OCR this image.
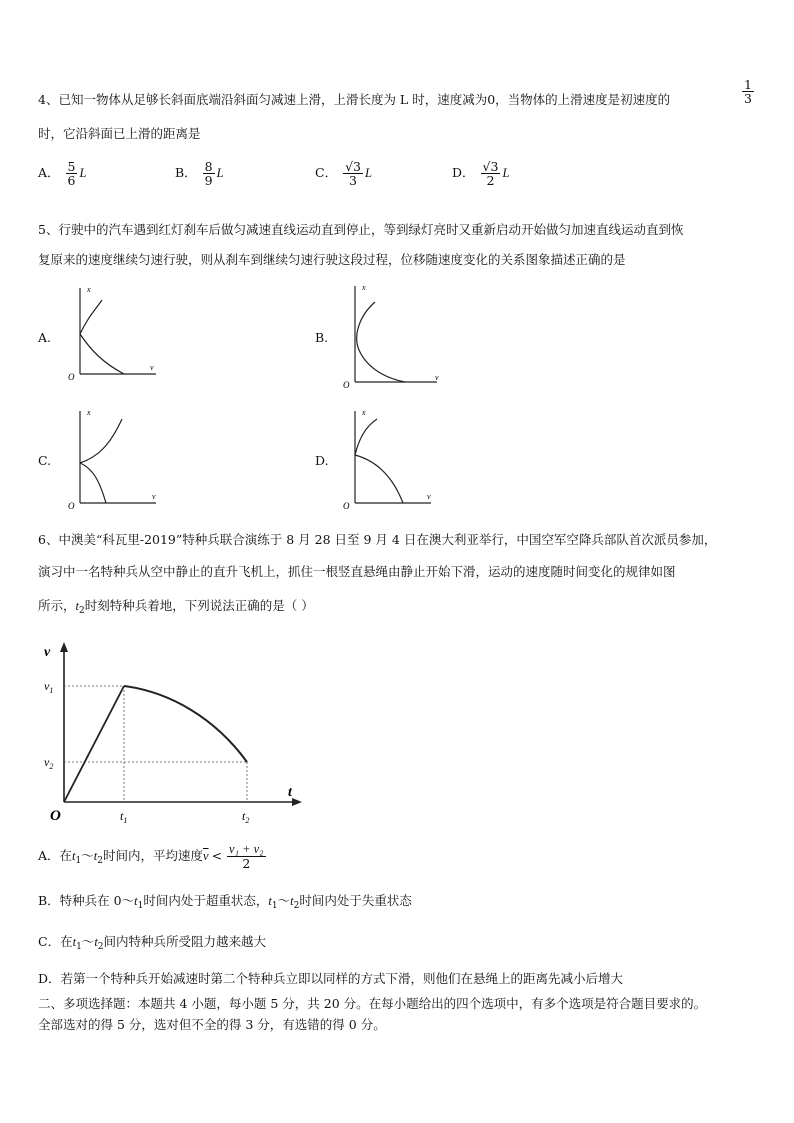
4、已知一物体从足够长斜面底端沿斜面匀减速上滑，上滑长度为 L 时，速度减为0，当物体的上滑速度是初速度的	$\frac{1}{3}$
时，它沿斜面已上滑的距离是
A． $\frac{5}{6}$ L	B． $\frac{8}{9}$ L	C． $\frac{√3}{3}$ L	D． $\frac{√3}{2}$ L
5、行驶中的汽车遇到红灯刹车后做匀减速直线运动直到停止，等到绿灯亮时又重新启动开始做匀加速直线运动直到恢
复原来的速度继续匀速行驶，则从刹车到继续匀速行驶这段过程，位移随速度变化的关系图象描述正确的是
A.
x
O
v
B.
x
O
v
C.
x
O
v
D.
x
O
v
6、中澳美“科瓦里-2019”特种兵联合演练于 8 月 28 日至 9 月 4 日在澳大利亚举行，中国空军空降兵部队首次派员参加，
演习中一名特种兵从空中静止的直升飞机上，抓住一根竖直悬绳由静止开始下滑，运动的速度随时间变化的规律如图
所示，$t_2$时刻特种兵着地，下列说法正确的是（ ）
v
$v_1$
$v_2$
O	$t_1$	$t_2$
t
A．在$t_1\sim t_2$时间内，平均速度$\overline{v} < \frac{\text{v₁ + v₂}}{2}$
B．特种兵在 $0\sim t_1$时间内处于超重状态，$t_1\sim t_2$时间内处于失重状态
C．在$t_1\sim t_2$间内特种兵所受阻力越来越大
D．若第一个特种兵开始减速时第二个特种兵立即以同样的方式下滑，则他们在悬绳上的距离先减小后增大
二、多项选择题：本题共 4 小题，每小题 5 分，共 20 分。在每小题给出的四个选项中，有多个选项是符合题目要求的。
全部选对的得 5 分，选对但不全的得 3 分，有选错的得 0 分。
